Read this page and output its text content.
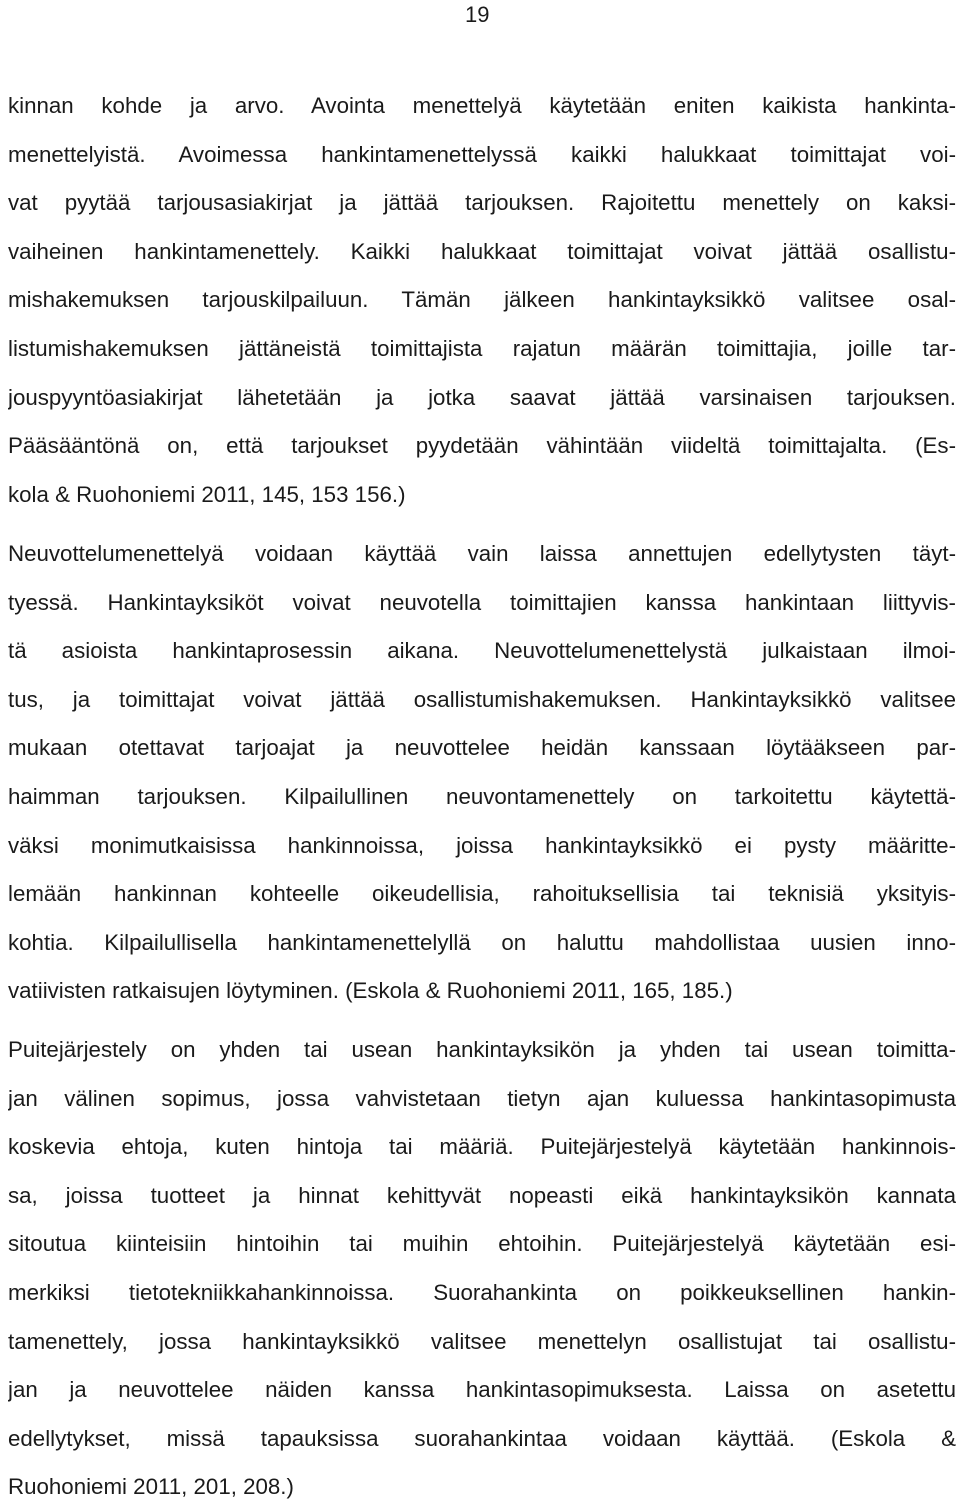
19
kinnan kohde ja arvo. Avointa menettelyä käytetään eniten kaikista hankinta-
menettelyistä. Avoimessa hankintamenettelyssä kaikki halukkaat toimittajat voi-
vat pyytää tarjousasiakirjat ja jättää tarjouksen. Rajoitettu menettely on kaksi-
vaiheinen hankintamenettely. Kaikki halukkaat toimittajat voivat jättää osallistu-
mishakemuksen tarjouskilpailuun. Tämän jälkeen hankintayksikkö valitsee osal-
listumishakemuksen jättäneistä toimittajista rajatun määrän toimittajia, joille tar-
jouspyyntöasiakirjat lähetetään ja jotka saavat jättää varsinaisen tarjouksen.
Pääsääntönä on, että tarjoukset pyydetään vähintään viideltä toimittajalta. (Es-
kola & Ruohoniemi 2011, 145, 153 156.)
Neuvottelumenettelyä voidaan käyttää vain laissa annettujen edellytysten täyt-
tyessä. Hankintayksiköt voivat neuvotella toimittajien kanssa hankintaan liittyvis-
tä asioista hankintaprosessin aikana. Neuvottelumenettelystä julkaistaan ilmoi-
tus, ja toimittajat voivat jättää osallistumishakemuksen. Hankintayksikkö valitsee
mukaan otettavat tarjoajat ja neuvottelee heidän kanssaan löytääkseen par-
haimman tarjouksen. Kilpailullinen neuvontamenettely on tarkoitettu käytettä-
väksi monimutkaisissa hankinnoissa, joissa hankintayksikkö ei pysty määritte-
lemään hankinnan kohteelle oikeudellisia, rahoituksellisia tai teknisiä yksityis-
kohtia. Kilpailullisella hankintamenettelyllä on haluttu mahdollistaa uusien inno-
vatiivisten ratkaisujen löytyminen. (Eskola & Ruohoniemi 2011, 165, 185.)
Puitejärjestely on yhden tai usean hankintayksikön ja yhden tai usean toimitta-
jan välinen sopimus, jossa vahvistetaan tietyn ajan kuluessa hankintasopimusta
koskevia ehtoja, kuten hintoja tai määriä. Puitejärjestelyä käytetään hankinnois-
sa, joissa tuotteet ja hinnat kehittyvät nopeasti eikä hankintayksikön kannata
sitoutua kiinteisiin hintoihin tai muihin ehtoihin. Puitejärjestelyä käytetään esi-
merkiksi tietotekniikkahankinnoissa. Suorahankinta on poikkeuksellinen hankin-
tamenettely, jossa hankintayksikkö valitsee menettelyn osallistujat tai osallistu-
jan ja neuvottelee näiden kanssa hankintasopimuksesta. Laissa on asetettu
edellytykset, missä tapauksissa suorahankintaa voidaan käyttää. (Eskola &
Ruohoniemi 2011, 201, 208.)
